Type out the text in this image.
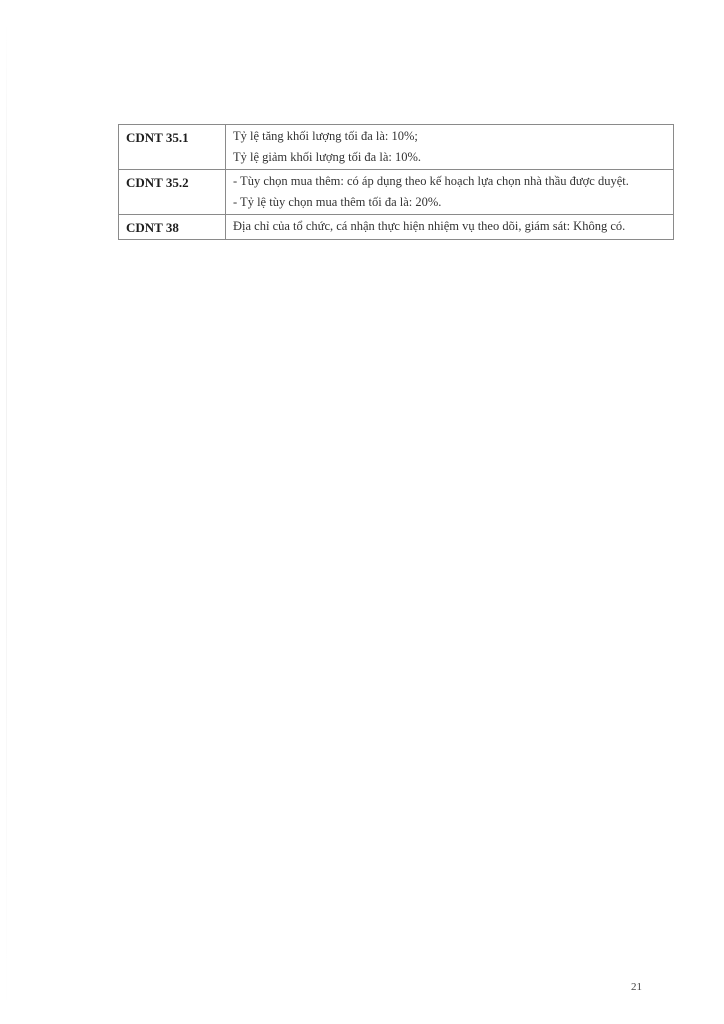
CDNT 35.1	Tỷ lệ tăng khối lượng tối đa là: 10%;
Tỷ lệ giảm khối lượng tối đa là: 10%.

CDNT 35.2	- Tùy chọn mua thêm: có áp dụng theo kế hoạch lựa chọn nhà thầu được duyệt.
- Tỷ lệ tùy chọn mua thêm tối đa là: 20%.

CDNT 38	Địa chỉ của tổ chức, cá nhận thực hiện nhiệm vụ theo dõi, giám sát: Không có.
21
